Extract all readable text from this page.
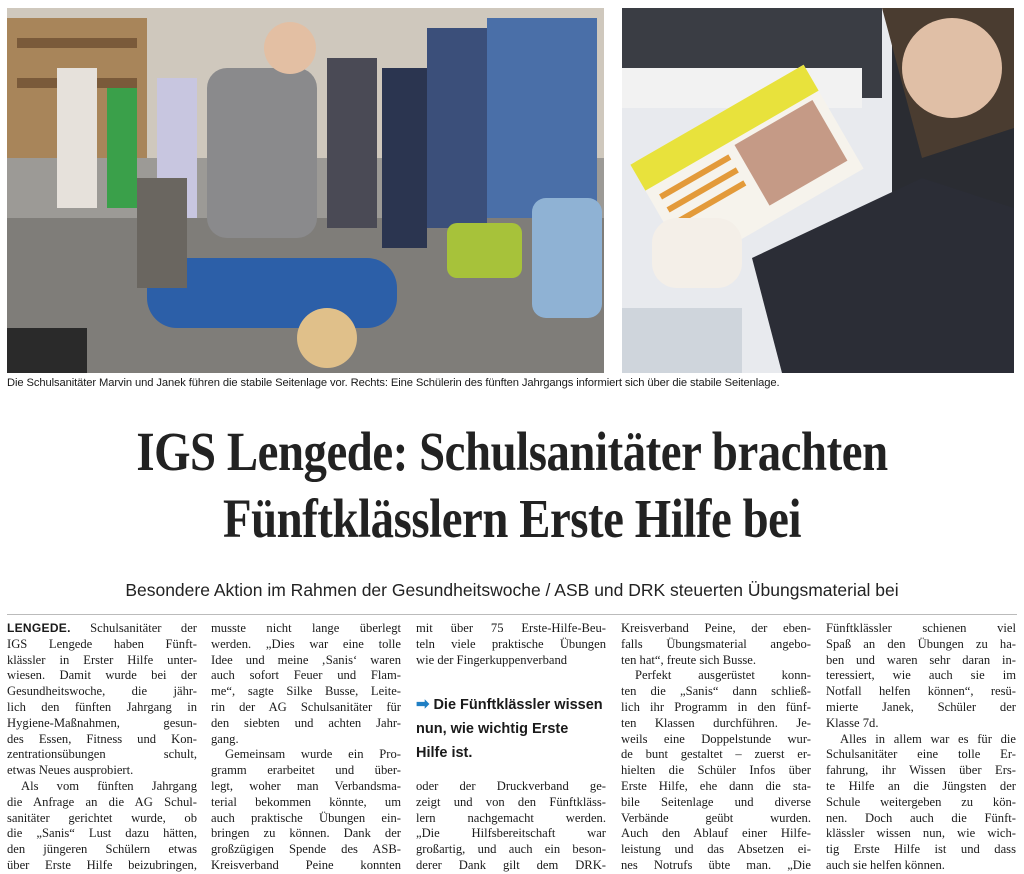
Die Schulsanitäter Marvin und Janek führen die stabile Seitenlage vor. Rechts: Eine Schülerin des fünften Jahrgangs informiert sich über die stabile Seitenlage.
IGS Lengede: Schulsanitäter brachten
Fünftklässlern Erste Hilfe bei
Besondere Aktion im Rahmen der Gesundheitswoche / ASB und DRK steuerten Übungsmaterial bei
LENGEDE. Schulsanitäter der
IGS Lengede haben Fünft-
klässler in Erster Hilfe unter-
wiesen. Damit wurde bei der
Gesundheitswoche, die jähr-
lich den fünften Jahrgang in
Hygiene-Maßnahmen, gesun-
des Essen, Fitness und Kon-
zentrationsübungen schult,
etwas Neues ausprobiert.
Als vom fünften Jahrgang
die Anfrage an die AG Schul-
sanitäter gerichtet wurde, ob
die „Sanis“ Lust dazu hätten,
den jüngeren Schülern etwas
über Erste Hilfe beizubringen,
musste nicht lange überlegt
werden. „Dies war eine tolle
Idee und meine ‚Sanis‘ waren
auch sofort Feuer und Flam-
me“, sagte Silke Busse, Leite-
rin der AG Schulsanitäter für
den siebten und achten Jahr-
gang.
Gemeinsam wurde ein Pro-
gramm erarbeitet und über-
legt, woher man Verbandsma-
terial bekommen könnte, um
auch praktische Übungen ein-
bringen zu können. Dank der
großzügigen Spende des ASB-
Kreisverband Peine konnten
mit über 75 Erste-Hilfe-Beu-
teln viele praktische Übungen
wie der Fingerkuppenverband
➡ Die Fünftklässler wissen
nun, wie wichtig Erste
Hilfe ist.
oder der Druckverband ge-
zeigt und von den Fünftkläss-
lern nachgemacht werden.
„Die Hilfsbereitschaft war
großartig, und auch ein beson-
derer Dank gilt dem DRK-
Kreisverband Peine, der eben-
falls Übungsmaterial angebo-
ten hat“, freute sich Busse.
Perfekt ausgerüstet konn-
ten die „Sanis“ dann schließ-
lich ihr Programm in den fünf-
ten Klassen durchführen. Je-
weils eine Doppelstunde wur-
de bunt gestaltet – zuerst er-
hielten die Schüler Infos über
Erste Hilfe, ehe dann die sta-
bile Seitenlage und diverse
Verbände geübt wurden.
Auch den Ablauf einer Hilfe-
leistung und das Absetzen ei-
nes Notrufs übte man. „Die
Fünftklässler schienen viel
Spaß an den Übungen zu ha-
ben und waren sehr daran in-
teressiert, wie auch sie im
Notfall helfen können“, resü-
mierte Janek, Schüler der
Klasse 7d.
Alles in allem war es für die
Schulsanitäter eine tolle Er-
fahrung, ihr Wissen über Ers-
te Hilfe an die Jüngsten der
Schule weitergeben zu kön-
nen. Doch auch die Fünft-
klässler wissen nun, wie wich-
tig Erste Hilfe ist und dass
auch sie helfen können.
